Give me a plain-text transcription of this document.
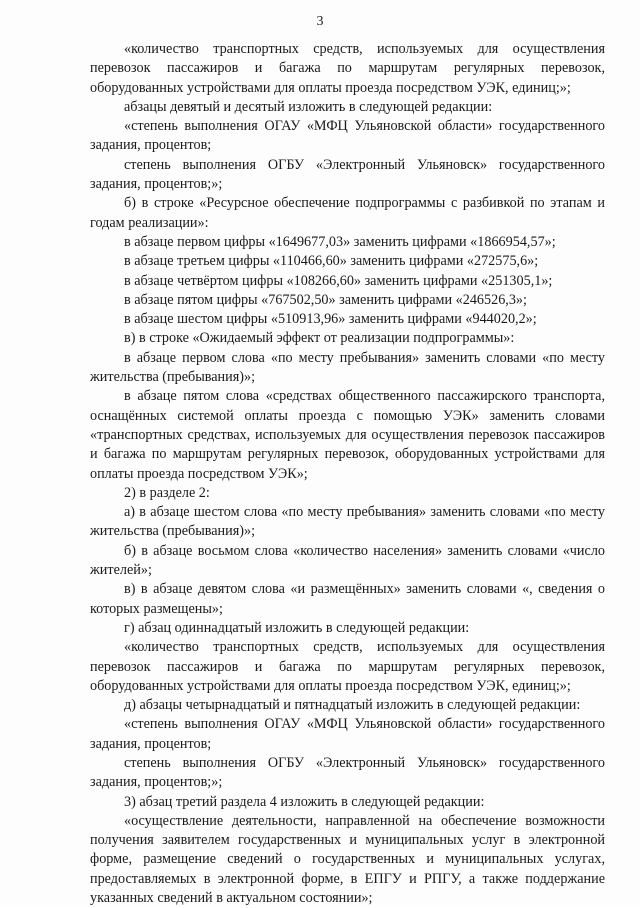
3

«количество транспортных средств, используемых для осуществления перевозок пассажиров и багажа по маршрутам регулярных перевозок, оборудованных устройствами для оплаты проезда посредством УЭК, единиц;»;

абзацы девятый и десятый изложить в следующей редакции:

«степень выполнения ОГАУ «МФЦ Ульяновской области» государственного задания, процентов;

степень выполнения ОГБУ «Электронный Ульяновск» государственного задания, процентов;»;

б) в строке «Ресурсное обеспечение подпрограммы с разбивкой по этапам и годам реализации»:

в абзаце первом цифры «1649677,03» заменить цифрами «1866954,57»;

в абзаце третьем цифры «110466,60» заменить цифрами «272575,6»;

в абзаце четвёртом цифры «108266,60» заменить цифрами «251305,1»;

в абзаце пятом цифры «767502,50» заменить цифрами «246526,3»;

в абзаце шестом цифры «510913,96» заменить цифрами «944020,2»;

в) в строке «Ожидаемый эффект от реализации подпрограммы»:

в абзаце первом слова «по месту пребывания» заменить словами «по месту жительства (пребывания)»;

в абзаце пятом слова «средствах общественного пассажирского транспорта, оснащённых системой оплаты проезда с помощью УЭК» заменить словами «транспортных средствах, используемых для осуществления перевозок пассажиров и багажа по маршрутам регулярных перевозок, оборудованных устройствами для оплаты проезда посредством УЭК»;

2) в разделе 2:

а) в абзаце шестом слова «по месту пребывания» заменить словами «по месту жительства (пребывания)»;

б) в абзаце восьмом слова «количество населения» заменить словами «число жителей»;

в) в абзаце девятом слова «и размещённых» заменить словами «, сведения о которых размещены»;

г) абзац одиннадцатый изложить в следующей редакции:

«количество транспортных средств, используемых для осуществления перевозок пассажиров и багажа по маршрутам регулярных перевозок, оборудованных устройствами для оплаты проезда посредством УЭК, единиц;»;

д) абзацы четырнадцатый и пятнадцатый изложить в следующей редакции:

«степень выполнения ОГАУ «МФЦ Ульяновской области» государственного задания, процентов;

степень выполнения ОГБУ «Электронный Ульяновск» государственного задания, процентов;»;

3) абзац третий раздела 4 изложить в следующей редакции:

«осуществление деятельности, направленной на обеспечение возможности получения заявителем государственных и муниципальных услуг в электронной форме, размещение сведений о государственных и муниципальных услугах, предоставляемых в электронной форме, в ЕПГУ и РПГУ, а также поддержание указанных сведений в актуальном состоянии»;
